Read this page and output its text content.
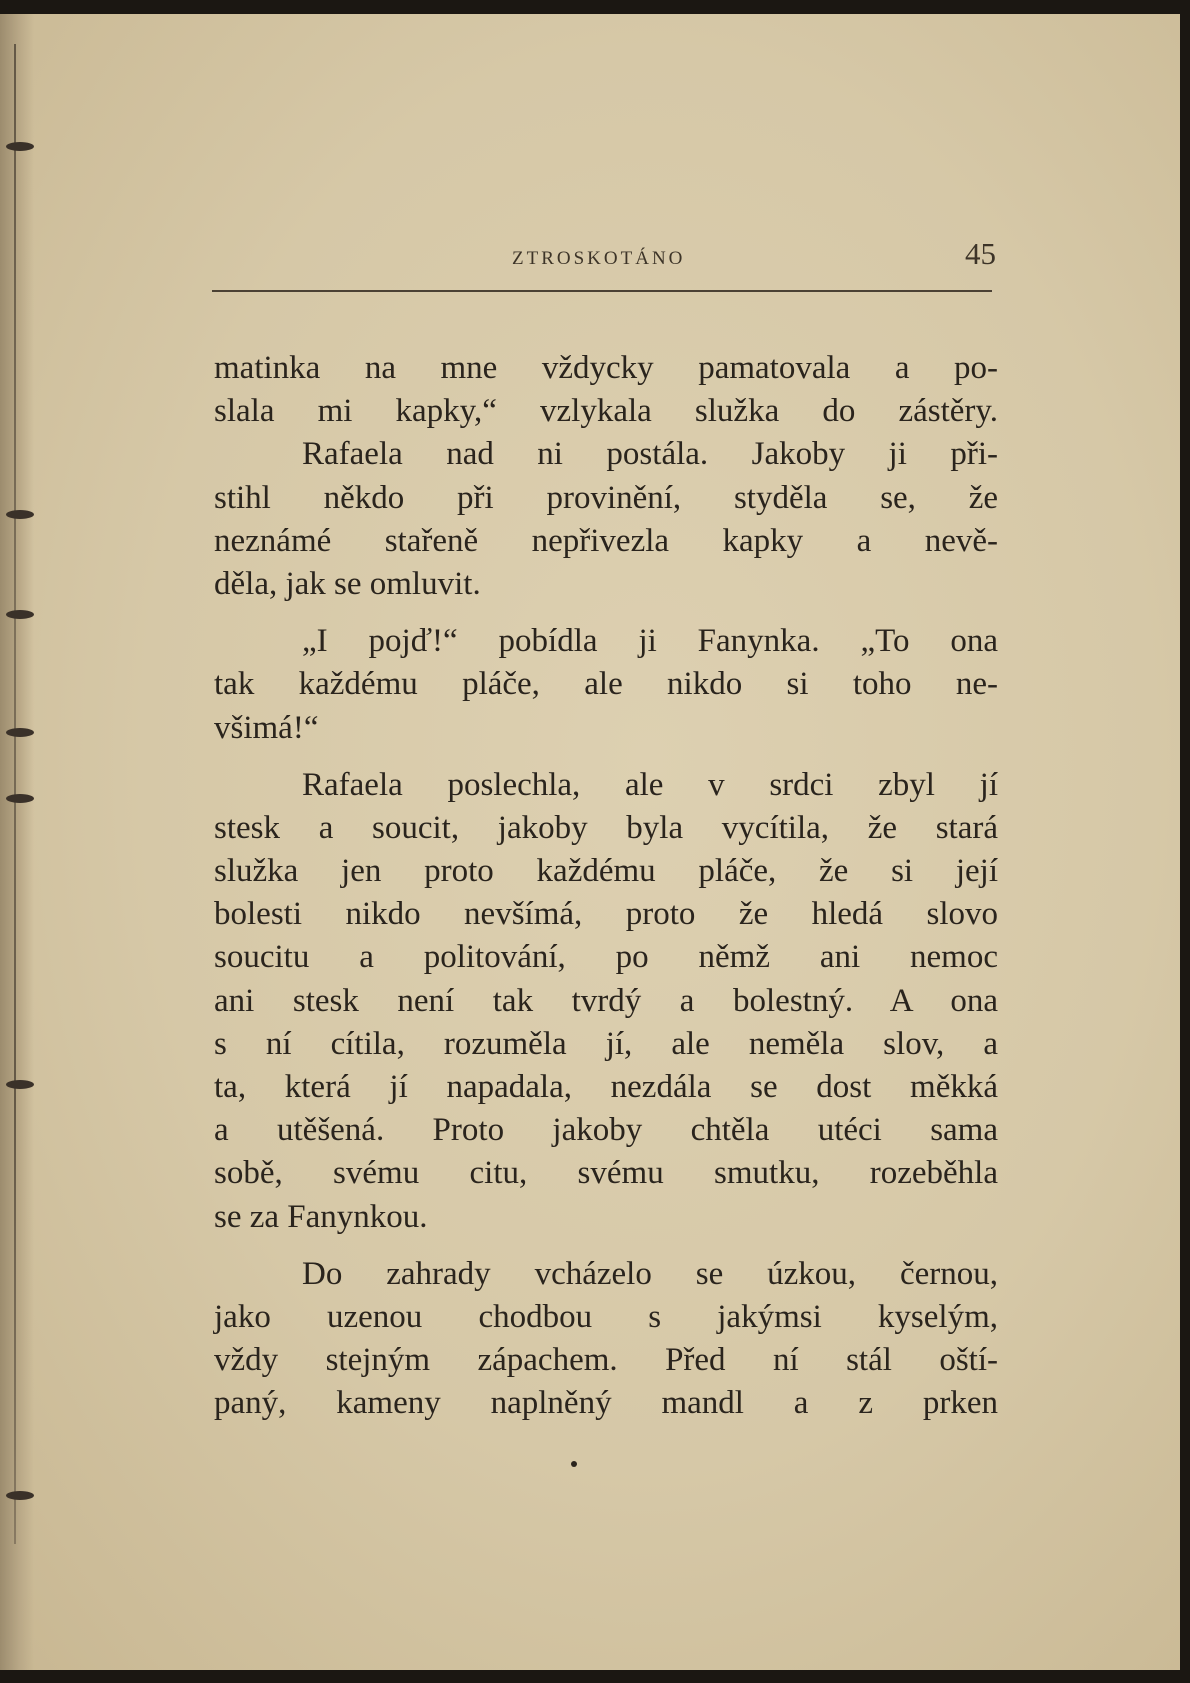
ZTROSKOTÁNO	45
matinka na mne vždycky pamatovala a po-
slala mi kapky,“ vzlykala služka do zástěry.
Rafaela nad ni postála. Jakoby ji při-
stihl někdo při provinění, styděla se, že
neznámé stařeně nepřivezla kapky a nevě-
děla, jak se omluvit.
„I pojď!“ pobídla ji Fanynka. „To ona
tak každému pláče, ale nikdo si toho ne-
všimá!“
Rafaela poslechla, ale v srdci zbyl jí
stesk a soucit, jakoby byla vycítila, že stará
služka jen proto každému pláče, že si její
bolesti nikdo nevšímá, proto že hledá slovo
soucitu a politování, po němž ani nemoc
ani stesk není tak tvrdý a bolestný. A ona
s ní cítila, rozuměla jí, ale neměla slov, a
ta, která jí napadala, nezdála se dost měkká
a utěšená. Proto jakoby chtěla utéci sama
sobě, svému citu, svému smutku, rozeběhla
se za Fanynkou.
Do zahrady vcházelo se úzkou, černou,
jako uzenou chodbou s jakýmsi kyselým,
vždy stejným zápachem. Před ní stál oští-
paný, kameny naplněný mandl a z prken
